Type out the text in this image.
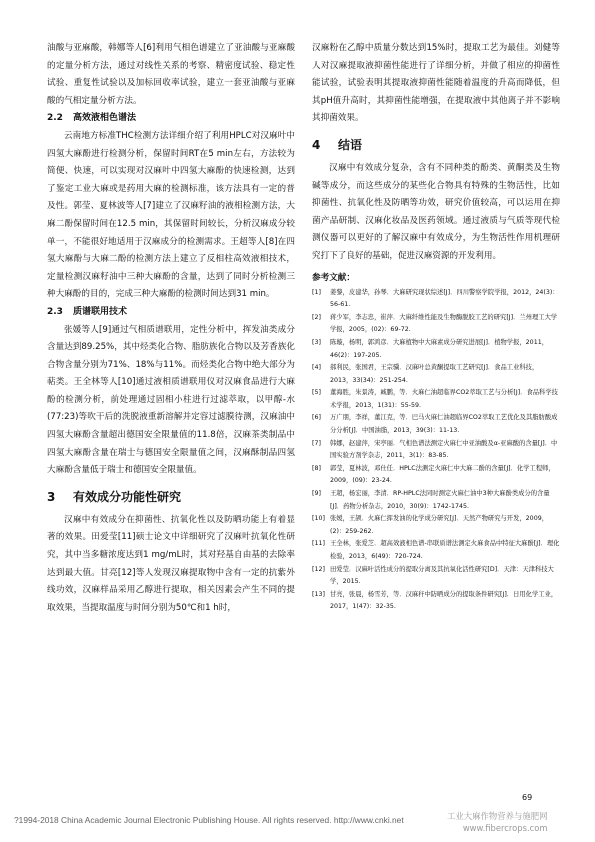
油酸与亚麻酸，韩娜等人[6]利用气相色谱建立了亚油酸与亚麻酸的定量分析方法，通过对线性关系的考察、精密度试验、稳定性试验、重复性试验以及加标回收率试验，建立一套亚油酸与亚麻酸的气相定量分析方法。

2.2 高效液相色谱法

云南地方标准THC检测方法详细介绍了利用HPLC对汉麻叶中四氢大麻酚进行检测分析，保留时间RT在5 min左右，方法较为简便、快速，可以实现对汉麻叶中四氢大麻酚的快速检测，达到了鉴定工业大麻或是药用大麻的检测标准，该方法具有一定的普及性。郭莹、夏林波等人[7]建立了汉麻籽油的液相检测方法，大麻二酚保留时间在12.5 min，其保留时间较长，分析汉麻成分较单一，不能很好地适用于汉麻成分的检测需求。王超等人[8]在四氢大麻酚与大麻二酚的检测方法上建立了反相柱高效液相技术，定量检测汉麻籽油中三种大麻酚的含量，达到了同时分析检测三种大麻酚的目的，完成三种大麻酚的检测时间达到31 min。

2.3 质谱联用技术

张媛等人[9]通过气相质谱联用，定性分析中，挥发油类成分含量达到89.25%，其中烃类化合物、脂肪族化合物以及芳香族化合物含量分别为71%、18%与11%。而烃类化合物中绝大部分为萜类。王全林等人[10]通过液相质谱联用仪对汉麻食品进行大麻酚的检测分析，前处理通过固相小柱进行过滤萃取，以甲醇-水(77:23)等吹干后的洗脱液重新溶解并定容过滤膜待测，汉麻油中四氢大麻酚含量超出德国安全限量值的11.8倍，汉麻茶类制品中四氢大麻酚含量在瑞士与德国安全限量值之间，汉麻酥制品四氢大麻酚含量低于瑞士和德国安全限量值。

3 有效成分功能性研究

汉麻中有效成分在抑菌性、抗氧化性以及防晒功能上有着显著的效果。田爱莹[11]硕士论文中详细研究了汉麻叶抗氧化性研究，其中当多糖浓度达到1 mg/mL时，其对羟基自由基的去除率达到最大值。甘亮[12]等人发现汉麻提取物中含有一定的抗紫外线功效，汉麻样品采用乙醇进行提取，相关因素会产生不同的提取效果，当提取温度与时间分别为50℃和1 h时，

汉麻粉在乙醇中质量分数达到15%时，提取工艺为最佳。刘健等人对汉麻提取液抑菌性能进行了详细分析，并做了相应的抑菌性能试验，试验表明其提取液抑菌性能随着温度的升高而降低，但其pH值升高时，其抑菌性能增强，在提取液中其他离子并不影响其抑菌效果。

4 结语

汉麻中有效成分复杂，含有不同种类的酚类、黄酮类及生物碱等成分，而这些成分的某些化合物具有特殊的生物活性，比如抑菌性、抗氧化性及防晒等功效，研究价值较高，可以运用在抑菌产品研制、汉麻化妆品及医药领域。通过液质与气质等现代检测仪器可以更好的了解汉麻中有效成分，为生物活性作用机理研究打下了良好的基础，促进汉麻资源的开发利用。

参考文献：

[1] 姜黎，皮建华，孙琴．大麻研究现状综述[J]．四川警察学院学报，2012，24(3)：56-61.

[2] 蒋少军，李志忠，崔萍．大麻纤维性能及生物酶脱胶工艺的研究[J]．兰州理工大学学报，2005，(02)：69-72.

[3] 陈璇，杨明，郭鸿彦．大麻植物中大麻素成分研究进展[J]．植物学报，2011，46(2)：197-205.

[4] 郝利民，张国君，王宗骥．汉麻叶总黄酮提取工艺研究[J]．食品工业科技，2013，33(34)：251-254.

[5] 董海胜，朱景涛，臧鹏，等．火麻仁油超临界CO2萃取工艺与分析[J]．食品科学技术学报，2013，1(31)：55-59.

[6] 万广朋，李祥，董江克，等．巴马火麻仁油超临界CO2萃取工艺优化及其脂肪酸成分分析[J]．中国油脂，2013，39(3)：11-13.

[7] 韩娜，赵建萍，宋亭丽．气相色谱法测定火麻仁中亚油酸及α-亚麻酸的含量[J]．中国实验方剂学杂志，2011，3(1)：83-85.

[8] 郭莹，夏林波，邓仕任．HPLC法测定火麻仁中大麻二酚的含量[J]．化学工程师，2009，(09)：23-24.

[9] 王超，杨宏丽，李清．RP-HPLC法同时测定火麻仁油中3种大麻酚类成分的含量[J]．药物分析杂志，2010，30(9)：1742-1745.

[10] 张媛，王颉．火麻仁挥发油的化学成分研究[J]．天然产物研究与开发，2009，(2)：259-262.

[11] 王全林，张爱芝．超高效液相色谱-串联质谱法测定火麻食品中特征大麻酚[J]．理化检验，2013，6(49)：720-724.

[12] 田爱莹．汉麻叶活性成分的提取分离及其抗氧化活性研究[D]．天津：天津科技大学，2015.

[13] 甘亮，张晨，杨雪芳，等．汉麻秆中防晒成分的提取条件研究[J]．日用化学工业，2017，1(47)：32-35.

69
?1994-2018 China Academic Journal Electronic Publishing House. All rights reserved. http://www.cnki.net	工业大麻作物营养与施肥网
www.fibercrops.com
